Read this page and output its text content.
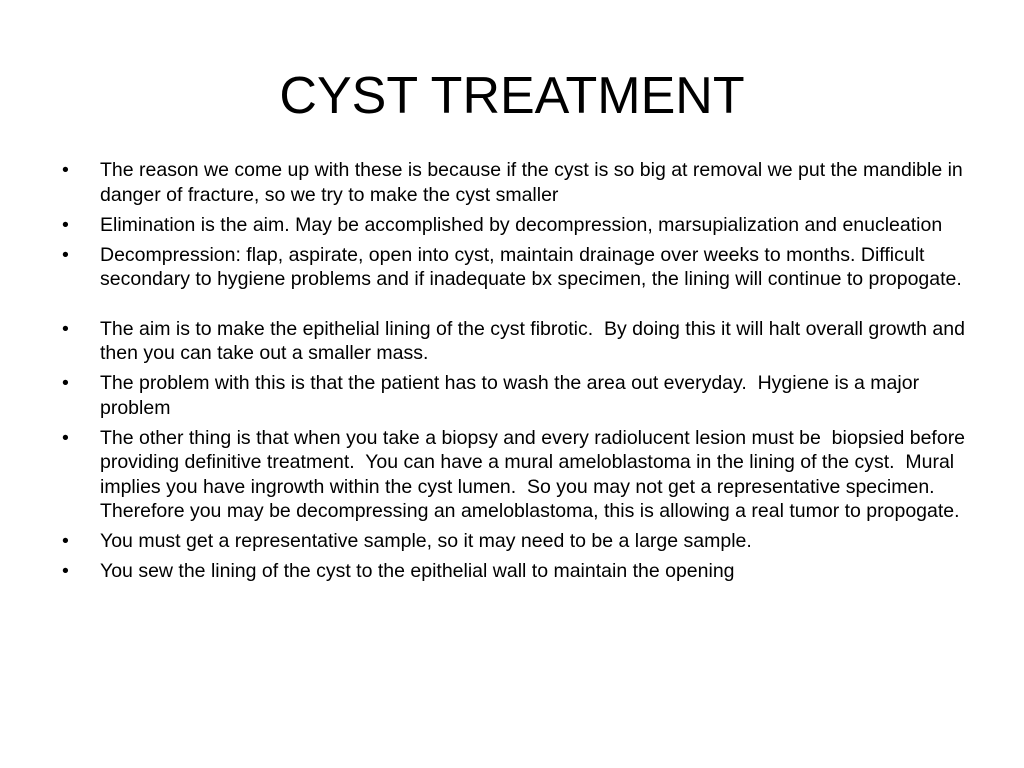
CYST TREATMENT
•	The reason we come up with these is because if the cyst is so big at removal we put the mandible in danger of fracture, so we try to make the cyst smaller
•	Elimination is the aim. May be accomplished by decompression, marsupialization and enucleation
•	Decompression: flap, aspirate, open into cyst, maintain drainage over weeks to months. Difficult secondary to hygiene problems and if inadequate bx specimen, the lining will continue to propogate.
•	The aim is to make the epithelial lining of the cyst fibrotic.  By doing this it will halt overall growth and then you can take out a smaller mass.
•	The problem with this is that the patient has to wash the area out everyday.  Hygiene is a major problem
•	The other thing is that when you take a biopsy and every radiolucent lesion must be  biopsied before providing definitive treatment.  You can have a mural ameloblastoma in the lining of the cyst.  Mural implies you have ingrowth within the cyst lumen.  So you may not get a representative specimen.  Therefore you may be decompressing an ameloblastoma, this is allowing a real tumor to propogate.
•	You must get a representative sample, so it may need to be a large sample.
•	You sew the lining of the cyst to the epithelial wall to maintain the opening
